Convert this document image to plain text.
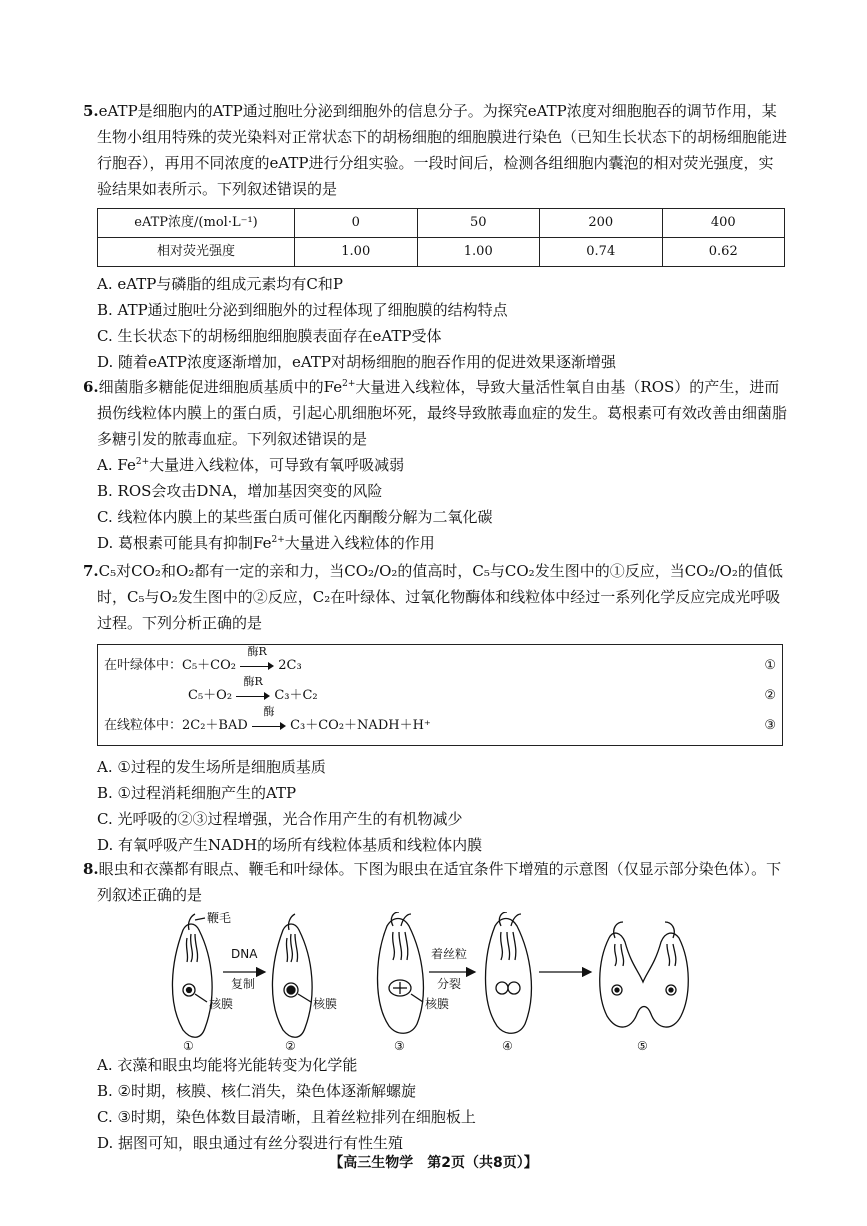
5.eATP是细胞内的ATP通过胞吐分泌到细胞外的信息分子。为探究eATP浓度对细胞胞吞的调节作用，某生物小组用特殊的荧光染料对正常状态下的胡杨细胞的细胞膜进行染色（已知生长状态下的胡杨细胞能进行胞吞），再用不同浓度的eATP进行分组实验。一段时间后，检测各组细胞内囊泡的相对荧光强度，实验结果如表所示。下列叙述错误的是

eATP浓度/(mol·L⁻¹)	0	50	200	400
相对荧光强度	1.00	1.00	0.74	0.62

A. eATP与磷脂的组成元素均有C和P

B. ATP通过胞吐分泌到细胞外的过程体现了细胞膜的结构特点

C. 生长状态下的胡杨细胞细胞膜表面存在eATP受体

D. 随着eATP浓度逐渐增加，eATP对胡杨细胞的胞吞作用的促进效果逐渐增强

6.细菌脂多糖能促进细胞质基质中的$Fe^{2+}$大量进入线粒体，导致大量活性氧自由基（ROS）的产生，进而损伤线粒体内膜上的蛋白质，引起心肌细胞坏死，最终导致脓毒血症的发生。葛根素可有效改善由细菌脂多糖引发的脓毒血症。下列叙述错误的是

A. $Fe^{2+}$大量进入线粒体，可导致有氧呼吸减弱

B. ROS会攻击DNA，增加基因突变的风险

C. 线粒体内膜上的某些蛋白质可催化丙酮酸分解为二氧化碳

D. 葛根素可能具有抑制$Fe^{2+}$大量进入线粒体的作用

7.C₅对CO₂和O₂都有一定的亲和力，当CO₂/O₂的值高时，C₅与CO₂发生图中的①反应，当CO₂/O₂的值低时，C₅与O₂发生图中的②反应，C₂在叶绿体、过氧化物酶体和线粒体中经过一系列化学反应完成光呼吸过程。下列分析正确的是

在叶绿体中：C₅＋CO₂
酶R
2C₃	①
C₅＋O₂
酶R
C₃＋C₂	②
在线粒体中：2C₂＋BAD
酶
C₃＋CO₂＋NADH＋H⁺	③

A. ①过程的发生场所是细胞质基质

B. ①过程消耗细胞产生的ATP

C. 光呼吸的②③过程增强，光合作用产生的有机物减少

D. 有氧呼吸产生NADH的场所有线粒体基质和线粒体内膜

8.眼虫和衣藻都有眼点、鞭毛和叶绿体。下图为眼虫在适宜条件下增殖的示意图（仅显示部分染色体）。下列叙述正确的是

鞭毛
DNA
复制
着丝粒
分裂
核膜	核膜	核膜
①	②	③	④	⑤

A. 衣藻和眼虫均能将光能转变为化学能

B. ②时期，核膜、核仁消失，染色体逐渐解螺旋

C. ③时期，染色体数目最清晰，且着丝粒排列在细胞板上

D. 据图可知，眼虫通过有丝分裂进行有性生殖

【高三生物学　第2页（共8页）】
